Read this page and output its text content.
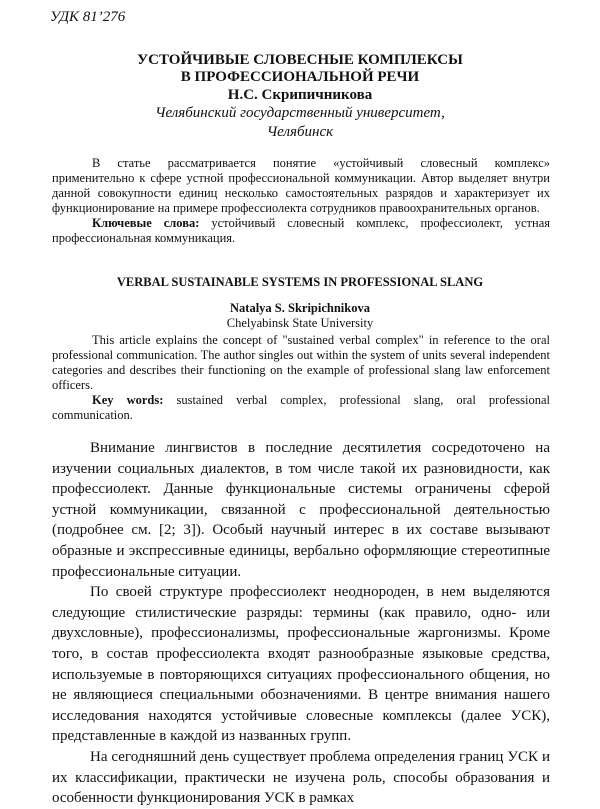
УДК 81’276
УСТОЙЧИВЫЕ СЛОВЕСНЫЕ КОМПЛЕКСЫ
В ПРОФЕССИОНАЛЬНОЙ РЕЧИ
Н.С. Скрипичникова
Челябинский государственный университет,
Челябинск
В статье рассматривается понятие «устойчивый словесный комплекс» применительно к сфере устной профессиональной коммуникации. Автор выделяет внутри данной совокупности единиц несколько самостоятельных разрядов и характеризует их функционирование на примере профессиолекта сотрудников правоохранительных органов.
Ключевые слова: устойчивый словесный комплекс, профессиолект, устная профессиональная коммуникация.
VERBAL SUSTAINABLE SYSTEMS IN PROFESSIONAL SLANG
Natalya S. Skripichnikova
Chelyabinsk State University
This article explains the concept of "sustained verbal complex" in reference to the oral professional communication. The author singles out within the system of units several independent categories and describes their functioning on the example of professional slang law enforcement officers.
Key words: sustained verbal complex, professional slang, oral professional communication.

Внимание лингвистов в последние десятилетия сосредоточено на изучении социальных диалектов, в том числе такой их разновидности, как профессиолект. Данные функциональные системы ограничены сферой устной коммуникации, связанной с профессиональной деятельностью (подробнее см. [2; 3]). Особый научный интерес в их составе вызывают образные и экспрессивные единицы, вербально оформляющие стереотипные профессиональные ситуации.

По своей структуре профессиолект неоднороден, в нем выделяются следующие стилистические разряды: термины (как правило, одно- или двухсловные), профессионализмы, профессиональные жаргонизмы. Кроме того, в состав профессиолекта входят разнообразные языковые средства, используемые в повторяющихся ситуациях профессионального общения, но не являющиеся специальными обозначениями. В центре внимания нашего исследования находятся устойчивые словесные комплексы (далее УСК), представленные в каждой из названных групп.

На сегодняшний день существует проблема определения границ УСК и их классификации, практически не изучена роль, способы образования и особенности функционирования УСК в рамках
